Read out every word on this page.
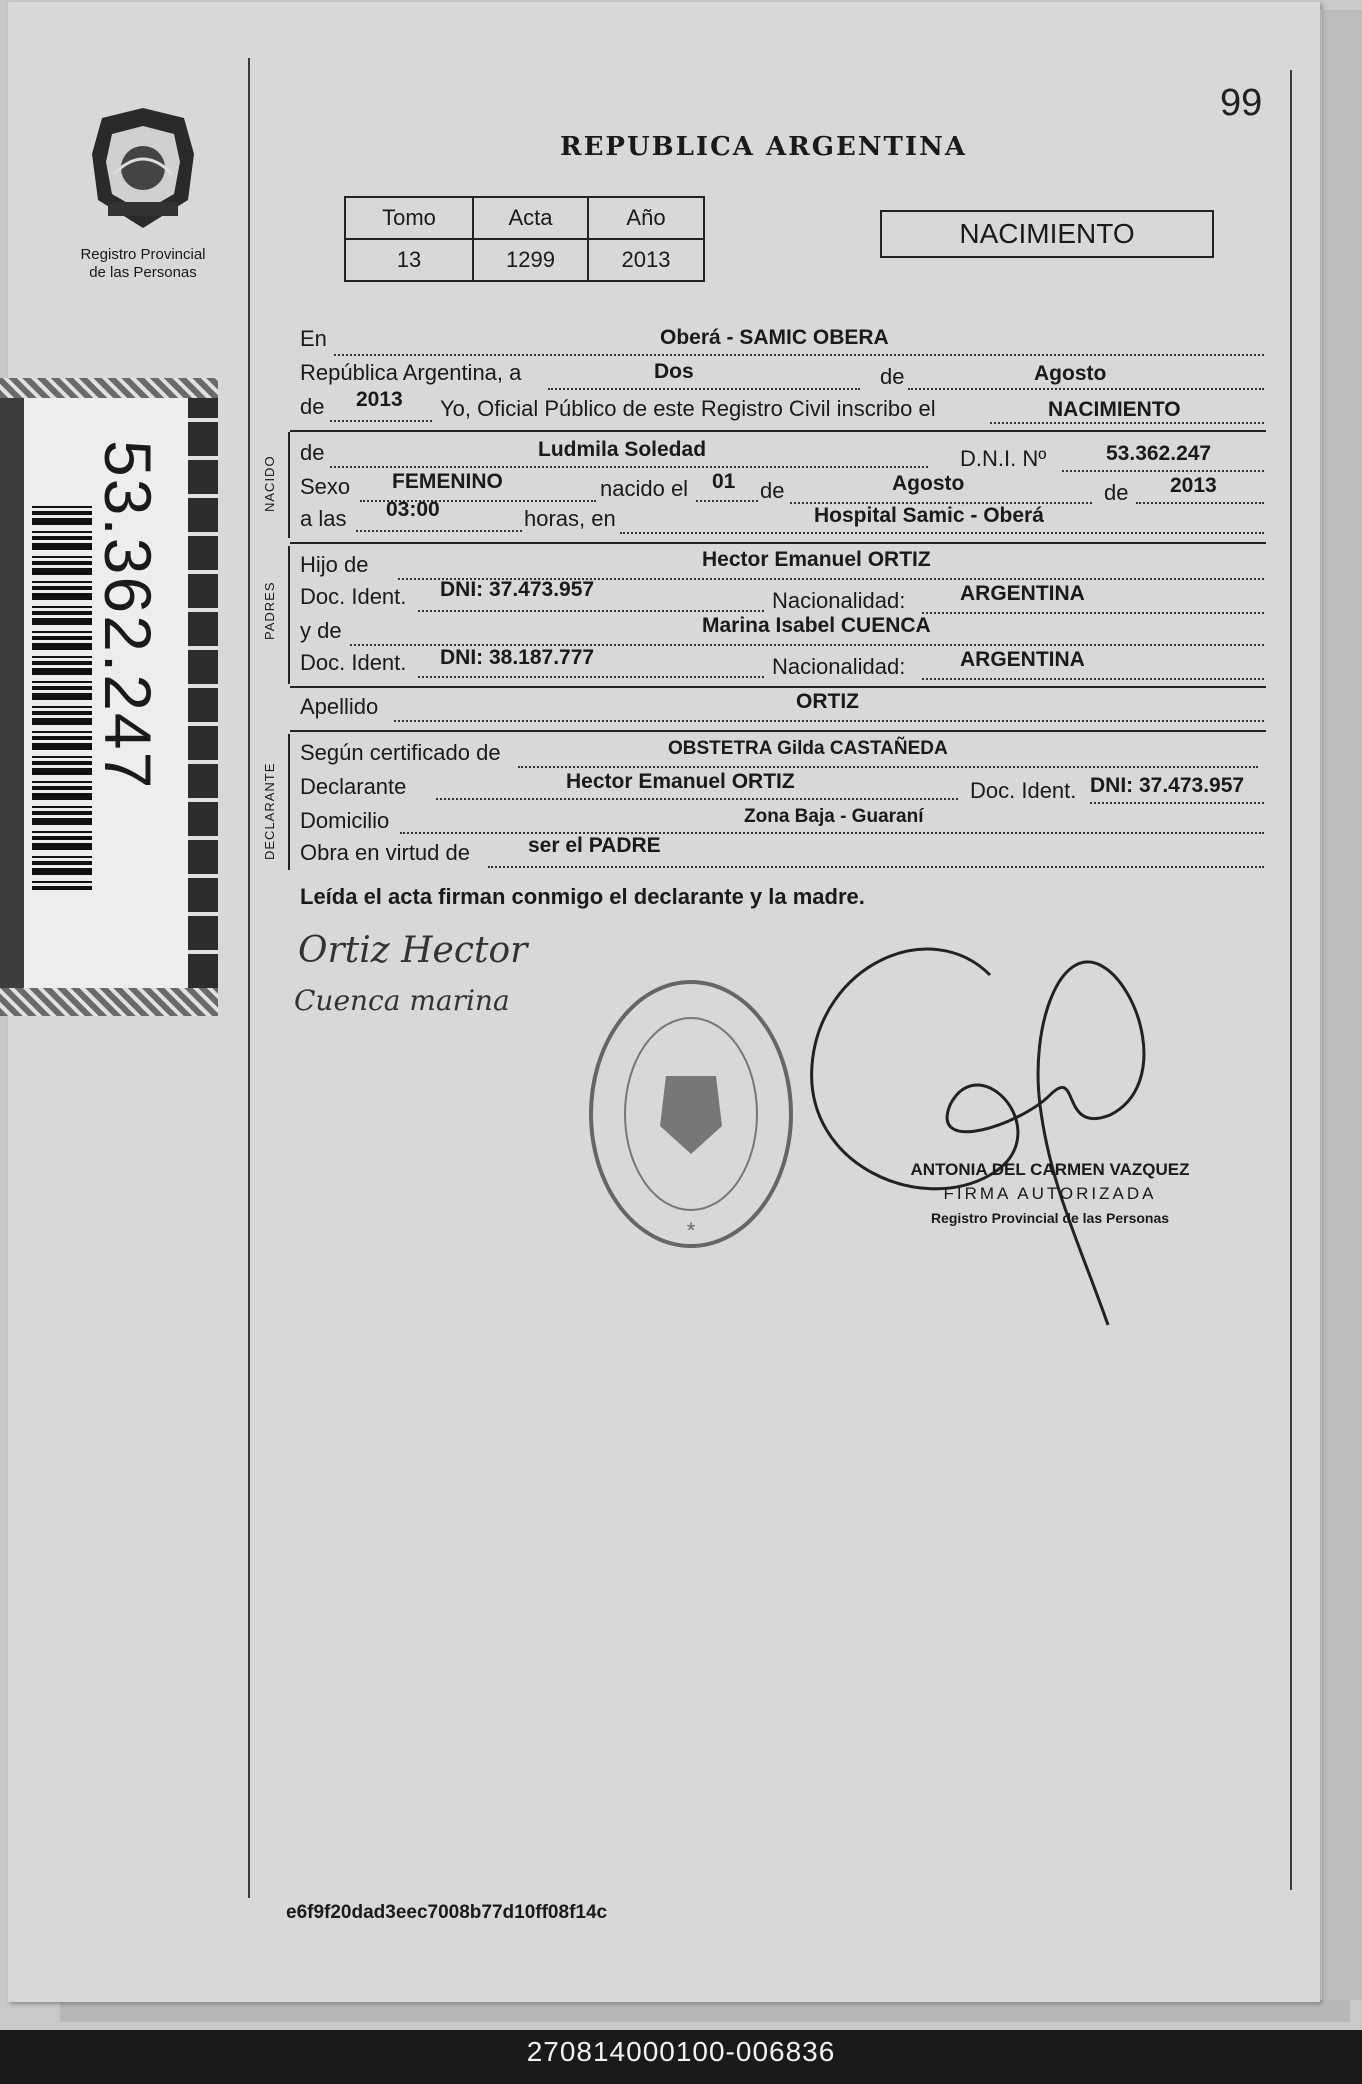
99
REPUBLICA ARGENTINA
Registro Provincial
de las Personas
Tomo	Acta	Año
13	1299	2013
NACIMIENTO
53.362.247
En	Oberá - SAMIC OBERA
República Argentina, a	Dos	de	Agosto
de 2013 Yo, Oficial Público de este Registro Civil inscribo el	NACIMIENTO
NACIDO
de	Ludmila Soledad	D.N.I. Nº	53.362.247
Sexo FEMENINO	nacido el 01 de	Agosto	de 2013
a las 03:00	horas, en	Hospital Samic - Oberá
PADRES
Hijo de	Hector Emanuel ORTIZ
Doc. Ident. DNI: 37.473.957	Nacionalidad:	ARGENTINA
y de	Marina Isabel CUENCA
Doc. Ident. DNI: 38.187.777	Nacionalidad:	ARGENTINA
Apellido	ORTIZ
DECLARANTE
Según certificado de	OBSTETRA Gilda CASTAÑEDA
Declarante	Hector Emanuel ORTIZ	Doc. Ident. DNI: 37.473.957
Domicilio	Zona Baja - Guaraní
Obra en virtud de	ser el PADRE
Leída el acta firman conmigo el declarante y la madre.
Ortiz Hector
Cuenca marina
*
ANTONIA DEL CARMEN VAZQUEZ
FIRMA AUTORIZADA
Registro Provincial de las Personas
e6f9f20dad3eec7008b77d10ff08f14c
270814000100-006836
